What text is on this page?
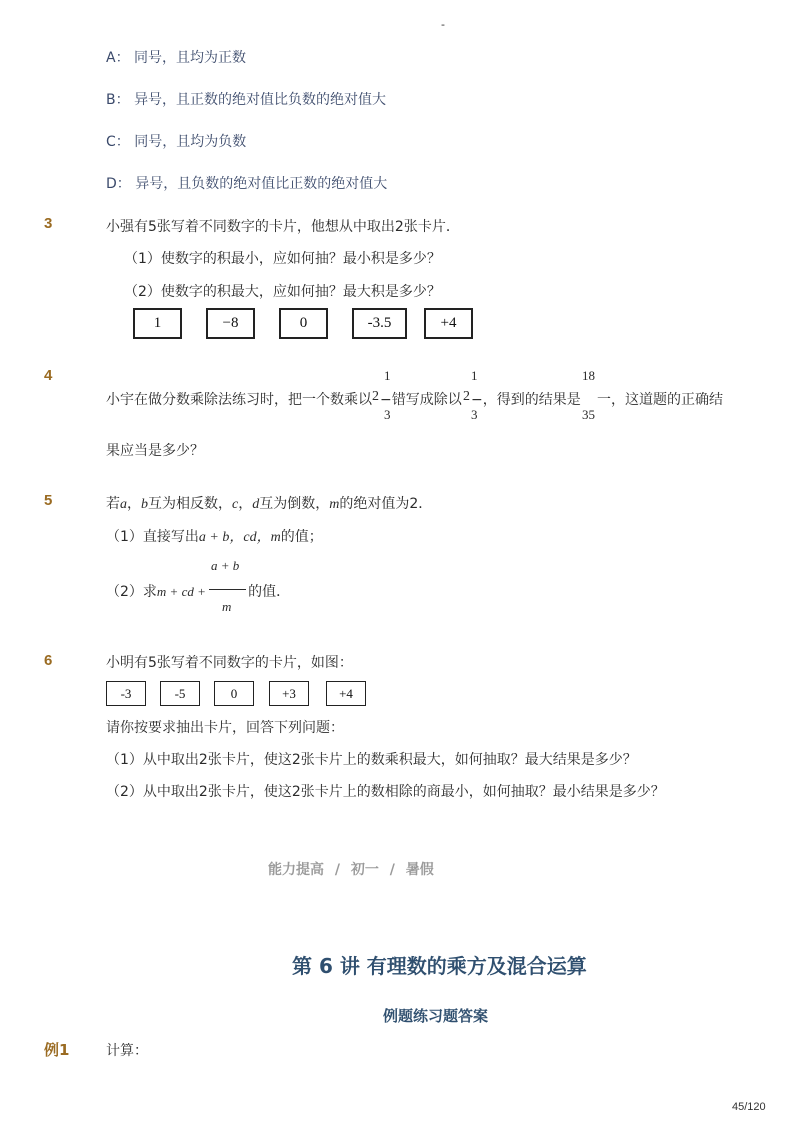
-
A： 同号，且均为正数
B： 异号，且正数的绝对值比负数的绝对值大
C： 同号，且均为负数
D： 异号，且负数的绝对值比正数的绝对值大
3	小强有5张写着不同数字的卡片，他想从中取出2张卡片．
（1）使数字的积最小，应如何抽？最小积是多少？
（2）使数字的积最大，应如何抽？最大积是多少？
1	−8	0	-3.5	+4
4
小宇在做分数乘除法练习时，把一个数乘以
1
3
2 −错写成除以
1
3
2 −，得到的结果是
18
35
一，这道题的正确结
果应当是多少？
5	若a，b互为相反数，c，d互为倒数，m的绝对值为2．
（1）直接写出a + b，cd，m的值；
a + b
m
（2）求m + cd +	的值．
6	小明有5张写着不同数字的卡片，如图：
-3	-5	0	+3	+4
请你按要求抽出卡片，回答下列问题：
（1）从中取出2张卡片，使这2张卡片上的数乘积最大，如何抽取？最大结果是多少？
（2）从中取出2张卡片，使这2张卡片上的数相除的商最小，如何抽取？最小结果是多少？
能力提高 / 初一 / 暑假
第 6 讲 有理数的乘方及混合运算
例题练习题答案
例1	计算：
45/120
